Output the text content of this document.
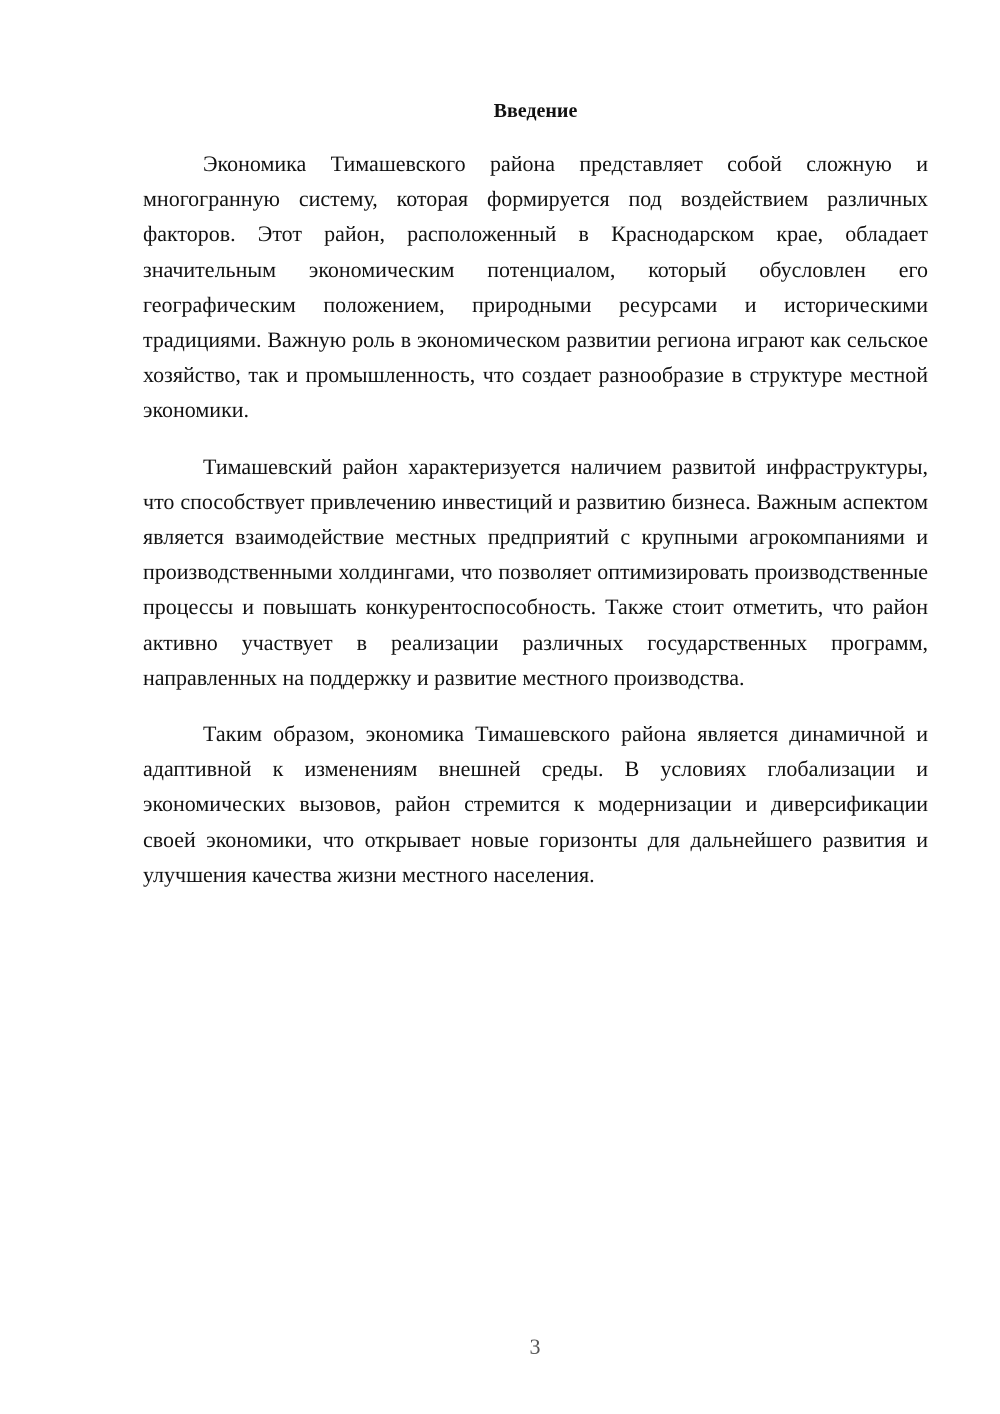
Введение

Экономика Тимашевского района представляет собой сложную и многогранную систему, которая формируется под воздействием различных факторов. Этот район, расположенный в Краснодарском крае, обладает значительным экономическим потенциалом, который обусловлен его географическим положением, природными ресурсами и историческими традициями. Важную роль в экономическом развитии региона играют как сельское хозяйство, так и промышленность, что создает разнообразие в структуре местной экономики.

Тимашевский район характеризуется наличием развитой инфраструктуры, что способствует привлечению инвестиций и развитию бизнеса. Важным аспектом является взаимодействие местных предприятий с крупными агрокомпаниями и производственными холдингами, что позволяет оптимизировать производственные процессы и повышать конкурентоспособность. Также стоит отметить, что район активно участвует в реализации различных государственных программ, направленных на поддержку и развитие местного производства.

Таким образом, экономика Тимашевского района является динамичной и адаптивной к изменениям внешней среды. В условиях глобализации и экономических вызовов, район стремится к модернизации и диверсификации своей экономики, что открывает новые горизонты для дальнейшего развития и улучшения качества жизни местного населения.

3
